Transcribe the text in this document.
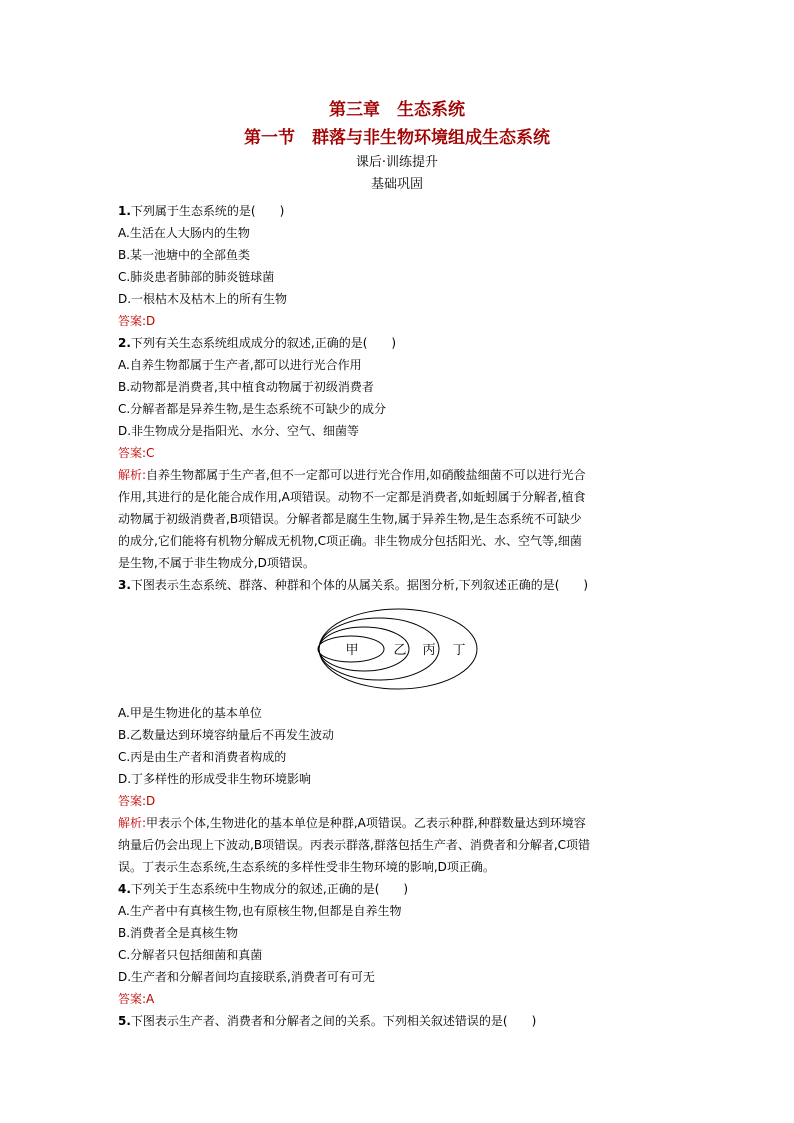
第三章　生态系统
第一节　群落与非生物环境组成生态系统
课后·训练提升
基础巩固
1.下列属于生态系统的是(　　)
A.生活在人大肠内的生物
B.某一池塘中的全部鱼类
C.肺炎患者肺部的肺炎链球菌
D.一根枯木及枯木上的所有生物
答案:D
2.下列有关生态系统组成成分的叙述,正确的是(　　)
A.自养生物都属于生产者,都可以进行光合作用
B.动物都是消费者,其中植食动物属于初级消费者
C.分解者都是异养生物,是生态系统不可缺少的成分
D.非生物成分是指阳光、水分、空气、细菌等
答案:C
解析:自养生物都属于生产者,但不一定都可以进行光合作用,如硝酸盐细菌不可以进行光合
作用,其进行的是化能合成作用,A项错误。动物不一定都是消费者,如蚯蚓属于分解者,植食
动物属于初级消费者,B项错误。分解者都是腐生生物,属于异养生物,是生态系统不可缺少
的成分,它们能将有机物分解成无机物,C项正确。非生物成分包括阳光、水、空气等,细菌
是生物,不属于非生物成分,D项错误。
3.下图表示生态系统、群落、种群和个体的从属关系。据图分析,下列叙述正确的是(　　)
甲	乙 丙 丁
A.甲是生物进化的基本单位
B.乙数量达到环境容纳量后不再发生波动
C.丙是由生产者和消费者构成的
D.丁多样性的形成受非生物环境影响
答案:D
解析:甲表示个体,生物进化的基本单位是种群,A项错误。乙表示种群,种群数量达到环境容
纳量后仍会出现上下波动,B项错误。丙表示群落,群落包括生产者、消费者和分解者,C项错
误。丁表示生态系统,生态系统的多样性受非生物环境的影响,D项正确。
4.下列关于生态系统中生物成分的叙述,正确的是(　　)
A.生产者中有真核生物,也有原核生物,但都是自养生物
B.消费者全是真核生物
C.分解者只包括细菌和真菌
D.生产者和分解者间均直接联系,消费者可有可无
答案:A
5.下图表示生产者、消费者和分解者之间的关系。下列相关叙述错误的是(　　)
